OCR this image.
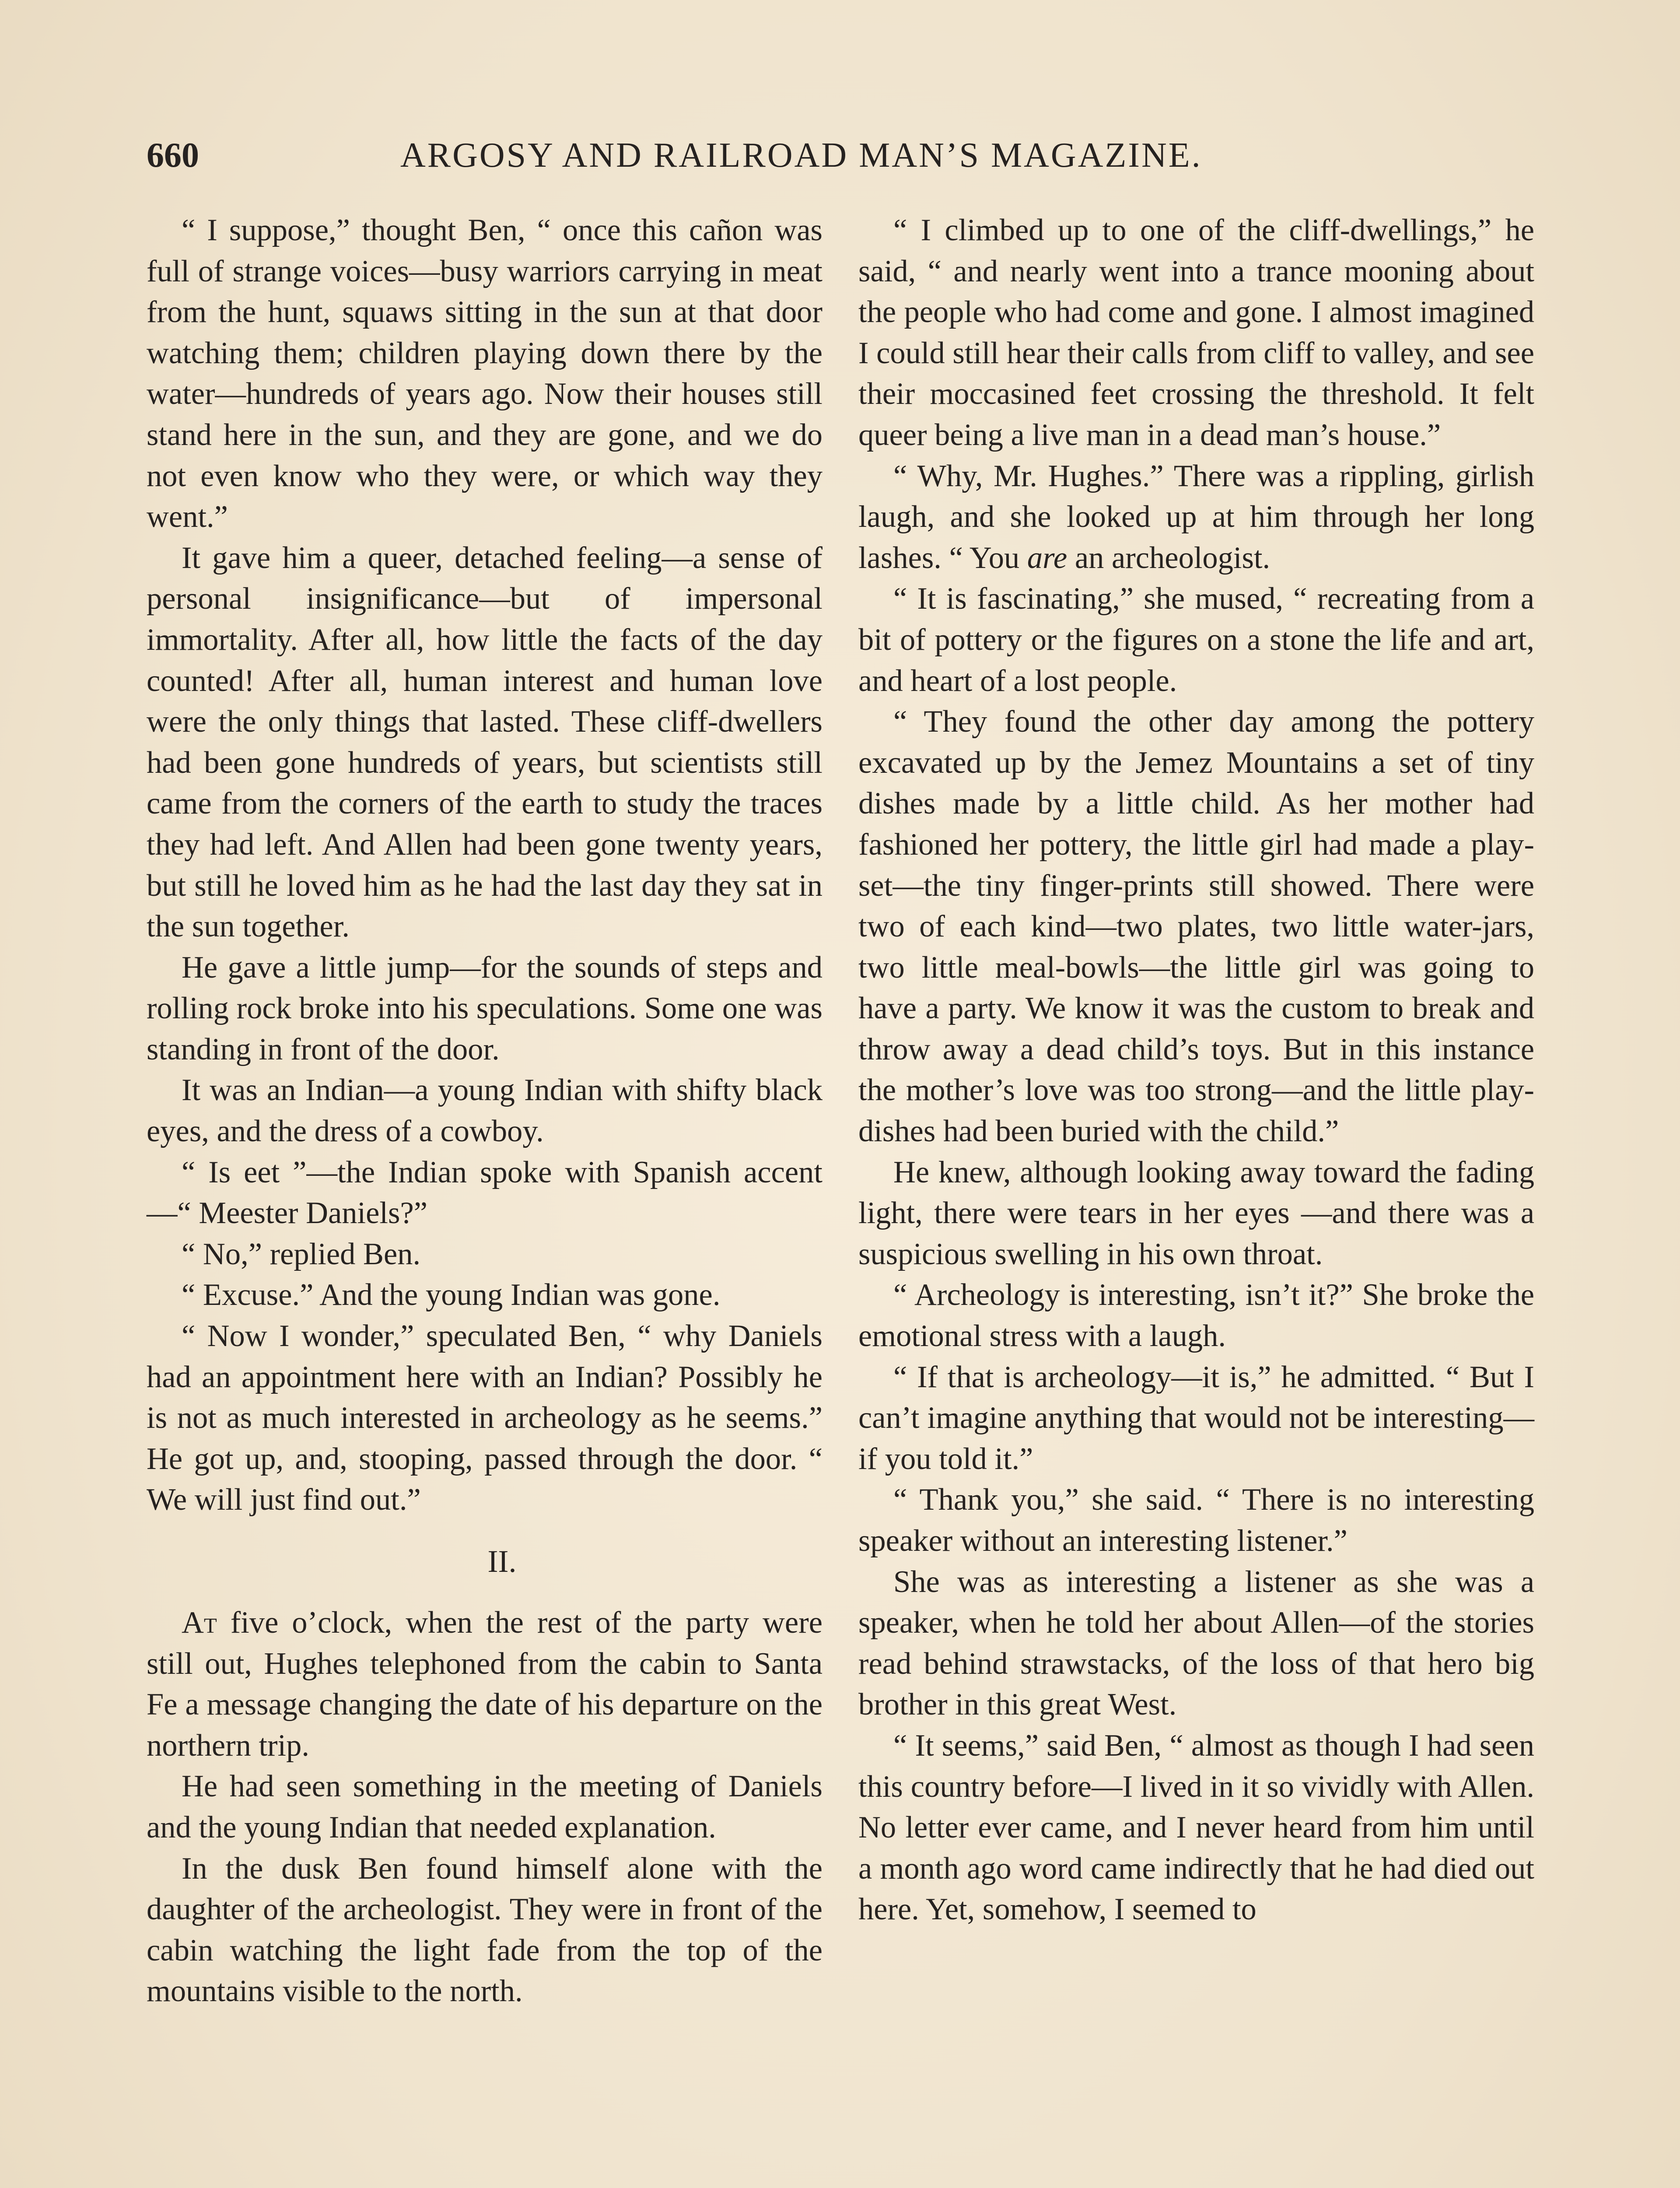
660	ARGOSY AND RAILROAD MAN’S MAGAZINE.

“ I suppose,” thought Ben, “ once this cañon was full of strange voices—busy warriors carrying in meat from the hunt, squaws sitting in the sun at that door watching them; children playing down there by the water—hundreds of years ago. Now their houses still stand here in the sun, and they are gone, and we do not even know who they were, or which way they went.”

It gave him a queer, detached feeling—a sense of personal insignificance—but of impersonal immortality. After all, how little the facts of the day counted! After all, human interest and human love were the only things that lasted. These cliff-dwellers had been gone hundreds of years, but scientists still came from the corners of the earth to study the traces they had left. And Allen had been gone twenty years, but still he loved him as he had the last day they sat in the sun together.

He gave a little jump—for the sounds of steps and rolling rock broke into his speculations. Some one was standing in front of the door.

It was an Indian—a young Indian with shifty black eyes, and the dress of a cowboy.

“ Is eet ”—the Indian spoke with Spanish accent—“ Meester Daniels?”

“ No,” replied Ben.

“ Excuse.” And the young Indian was gone.

“ Now I wonder,” speculated Ben, “ why Daniels had an appointment here with an Indian? Possibly he is not as much interested in archeology as he seems.” He got up, and, stooping, passed through the door. “ We will just find out.”

II.

At five o’clock, when the rest of the party were still out, Hughes telephoned from the cabin to Santa Fe a message changing the date of his departure on the northern trip.

He had seen something in the meeting of Daniels and the young Indian that needed explanation.

In the dusk Ben found himself alone with the daughter of the archeologist. They were in front of the cabin watching the light fade from the top of the mountains visible to the north.

“ I climbed up to one of the cliff-dwellings,” he said, “ and nearly went into a trance mooning about the people who had come and gone. I almost imagined I could still hear their calls from cliff to valley, and see their moccasined feet crossing the threshold. It felt queer being a live man in a dead man’s house.”

“ Why, Mr. Hughes.” There was a rippling, girlish laugh, and she looked up at him through her long lashes. “ You are an archeologist.

“ It is fascinating,” she mused, “ recreating from a bit of pottery or the figures on a stone the life and art, and heart of a lost people.

“ They found the other day among the pottery excavated up by the Jemez Mountains a set of tiny dishes made by a little child. As her mother had fashioned her pottery, the little girl had made a play-set—the tiny finger-prints still showed. There were two of each kind—two plates, two little water-jars, two little meal-bowls—the little girl was going to have a party. We know it was the custom to break and throw away a dead child’s toys. But in this instance the mother’s love was too strong—and the little play-dishes had been buried with the child.”

He knew, although looking away toward the fading light, there were tears in her eyes —and there was a suspicious swelling in his own throat.

“ Archeology is interesting, isn’t it?” She broke the emotional stress with a laugh.

“ If that is archeology—it is,” he admitted. “ But I can’t imagine anything that would not be interesting—if you told it.”

“ Thank you,” she said. “ There is no interesting speaker without an interesting listener.”

She was as interesting a listener as she was a speaker, when he told her about Allen—of the stories read behind strawstacks, of the loss of that hero big brother in this great West.

“ It seems,” said Ben, “ almost as though I had seen this country before—I lived in it so vividly with Allen. No letter ever came, and I never heard from him until a month ago word came indirectly that he had died out here. Yet, somehow, I seemed to
